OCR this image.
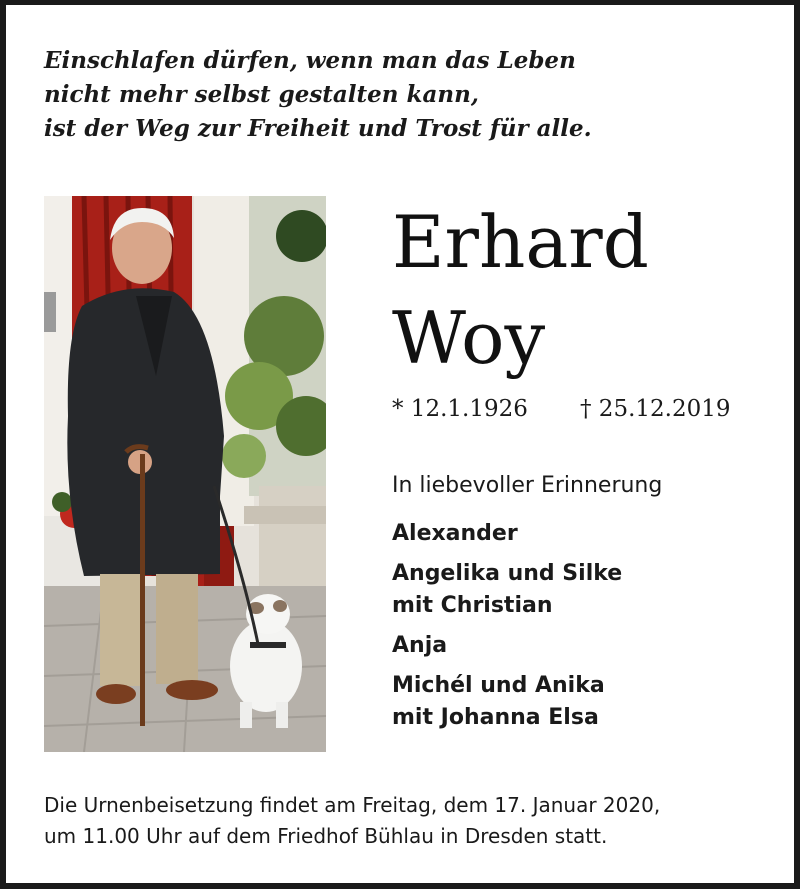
Einschlafen dürfen, wenn man das Leben
nicht mehr selbst gestalten kann,
ist der Weg zur Freiheit und Trost für alle.

Erhard
Woy
* 12.1.1926 † 25.12.2019
In liebevoller Erinnerung
Alexander
Angelika und Silke
mit Christian
Anja
Michél und Anika
mit Johanna Elsa
Die Urnenbeisetzung findet am Freitag, dem 17. Januar 2020,
um 11.00 Uhr auf dem Friedhof Bühlau in Dresden statt.
